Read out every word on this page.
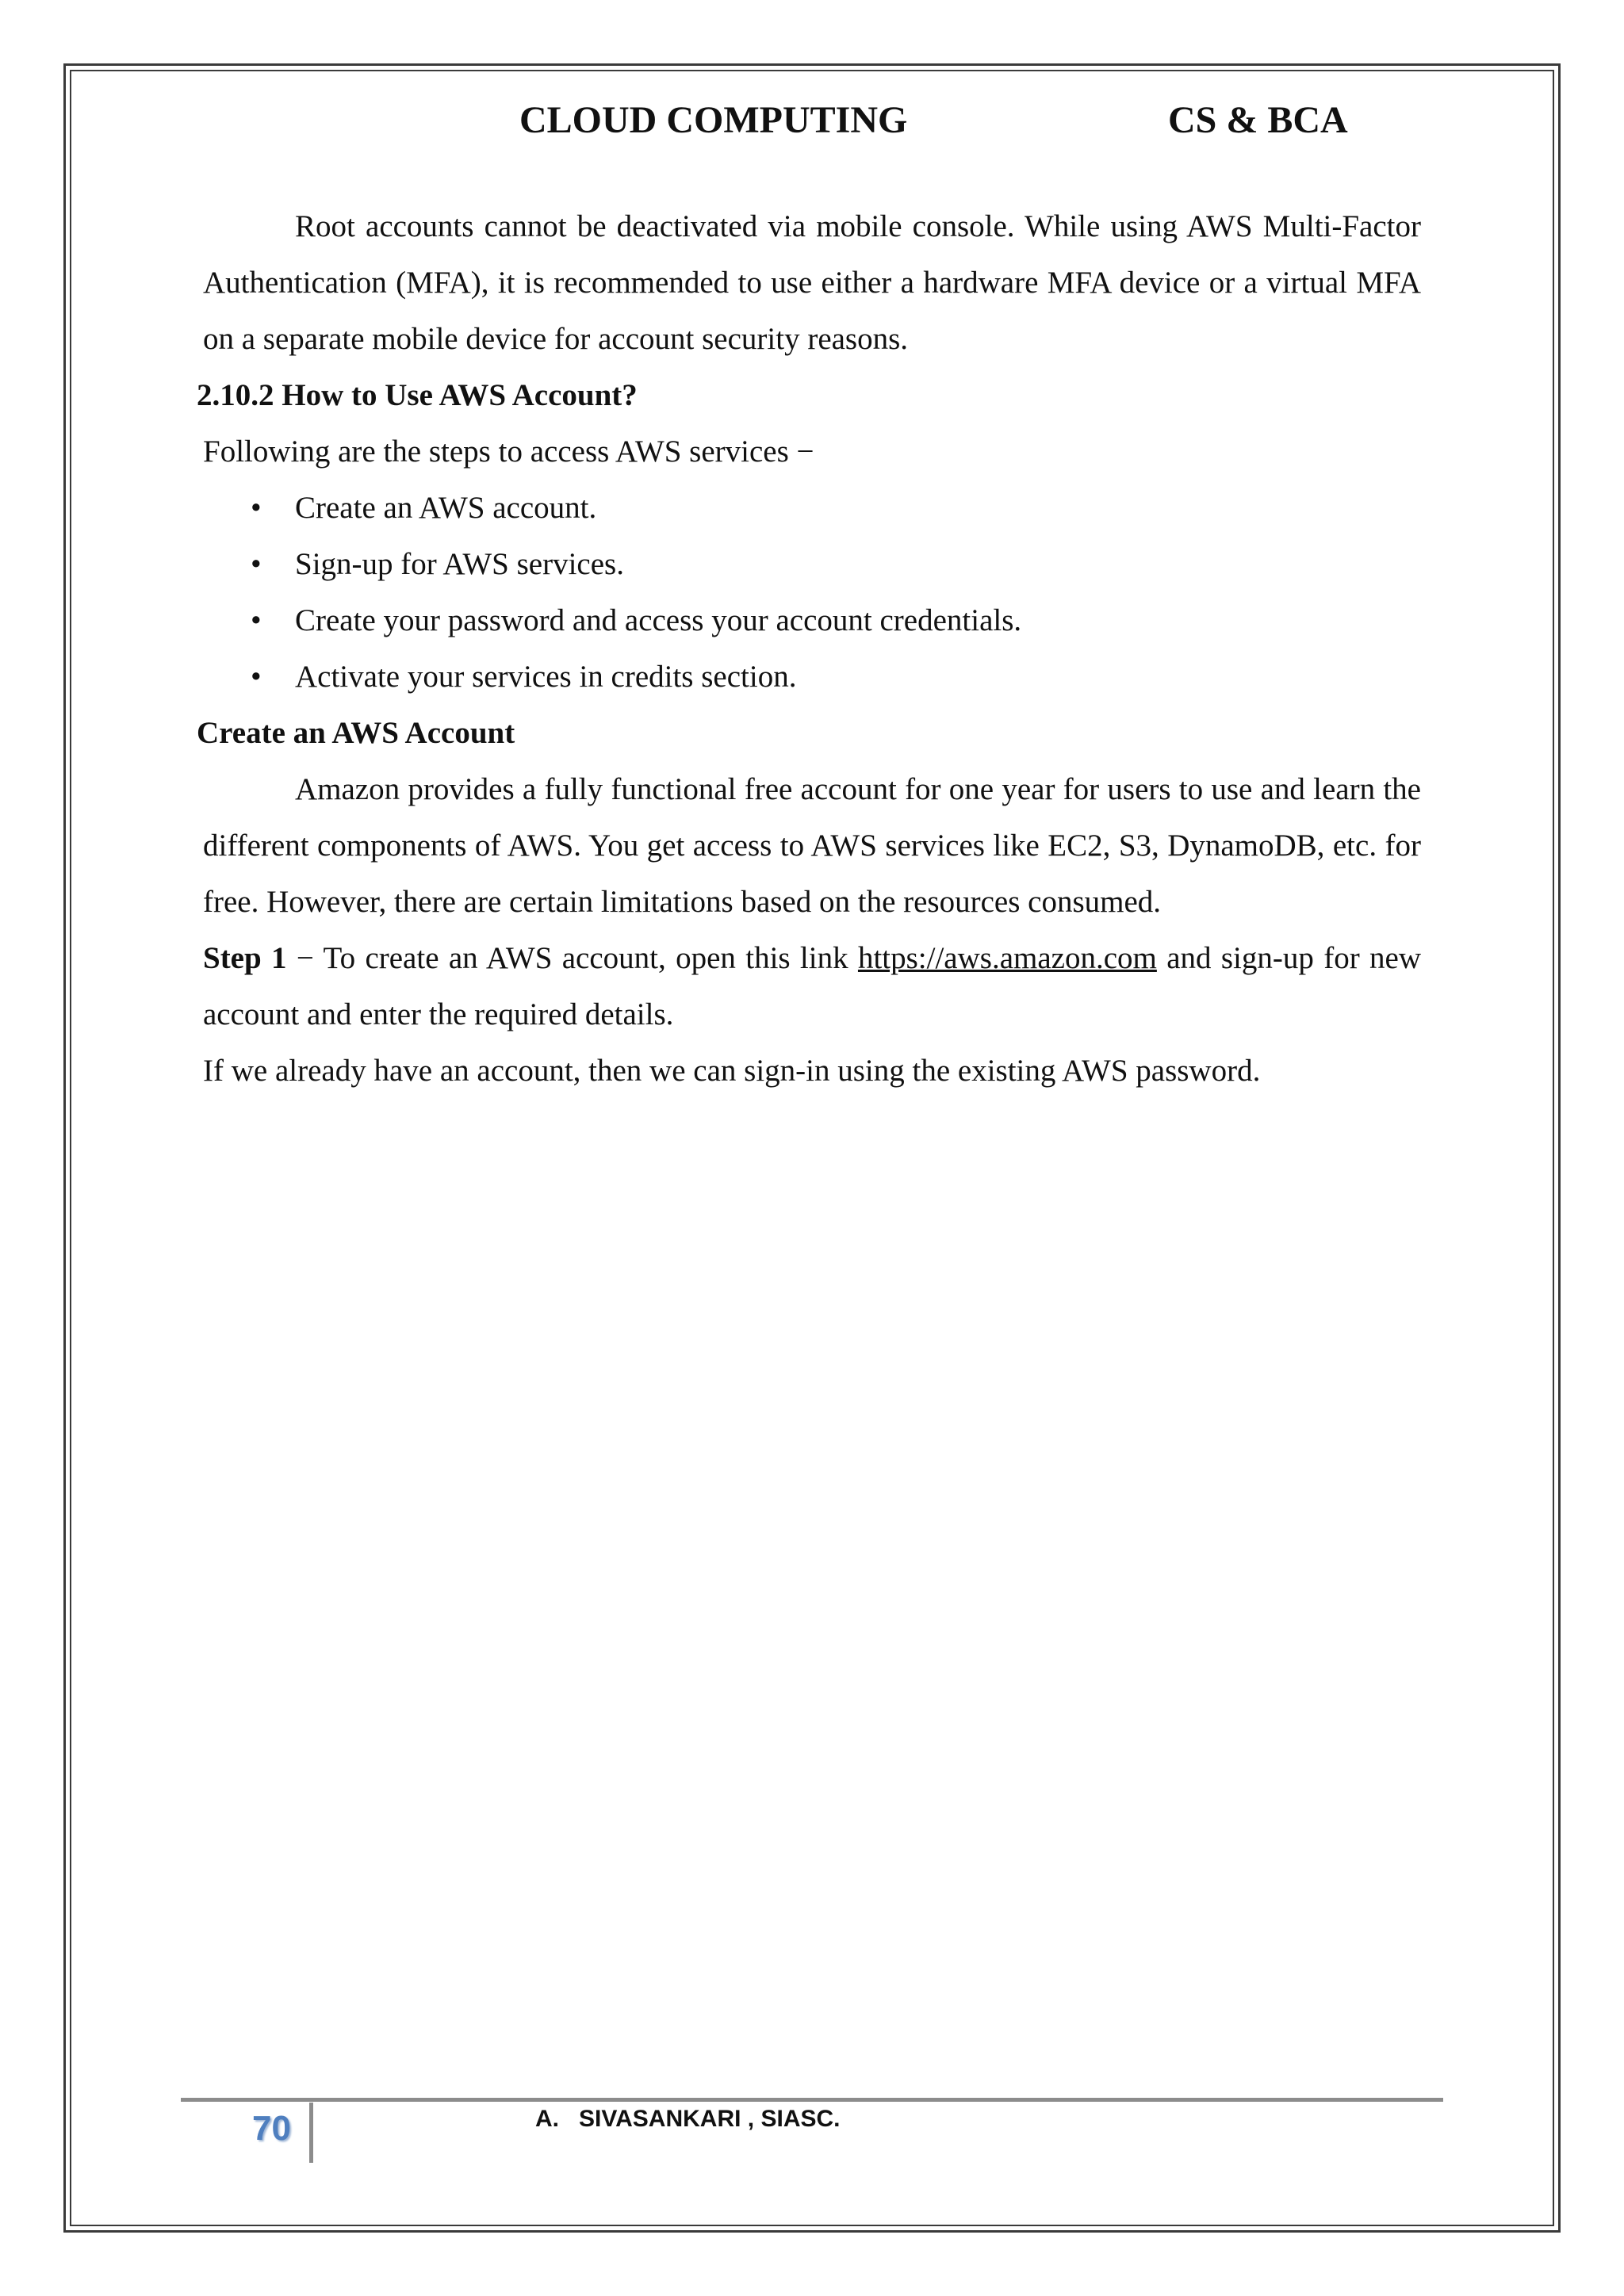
CLOUD COMPUTING	CS & BCA

Root accounts cannot be deactivated via mobile console. While using AWS Multi-Factor Authentication (MFA), it is recommended to use either a hardware MFA device or a virtual MFA on a separate mobile device for account security reasons.

2.10.2 How to Use AWS Account?

Following are the steps to access AWS services −

• Create an AWS account.
• Sign-up for AWS services.
• Create your password and access your account credentials.
• Activate your services in credits section.

Create an AWS Account

Amazon provides a fully functional free account for one year for users to use and learn the different components of AWS. You get access to AWS services like EC2, S3, DynamoDB, etc. for free. However, there are certain limitations based on the resources consumed.

Step 1 − To create an AWS account, open this link https://aws.amazon.com and sign-up for new account and enter the required details.

If we already have an account, then we can sign-in using the existing AWS password.

70	A.   SIVASANKARI , SIASC.
